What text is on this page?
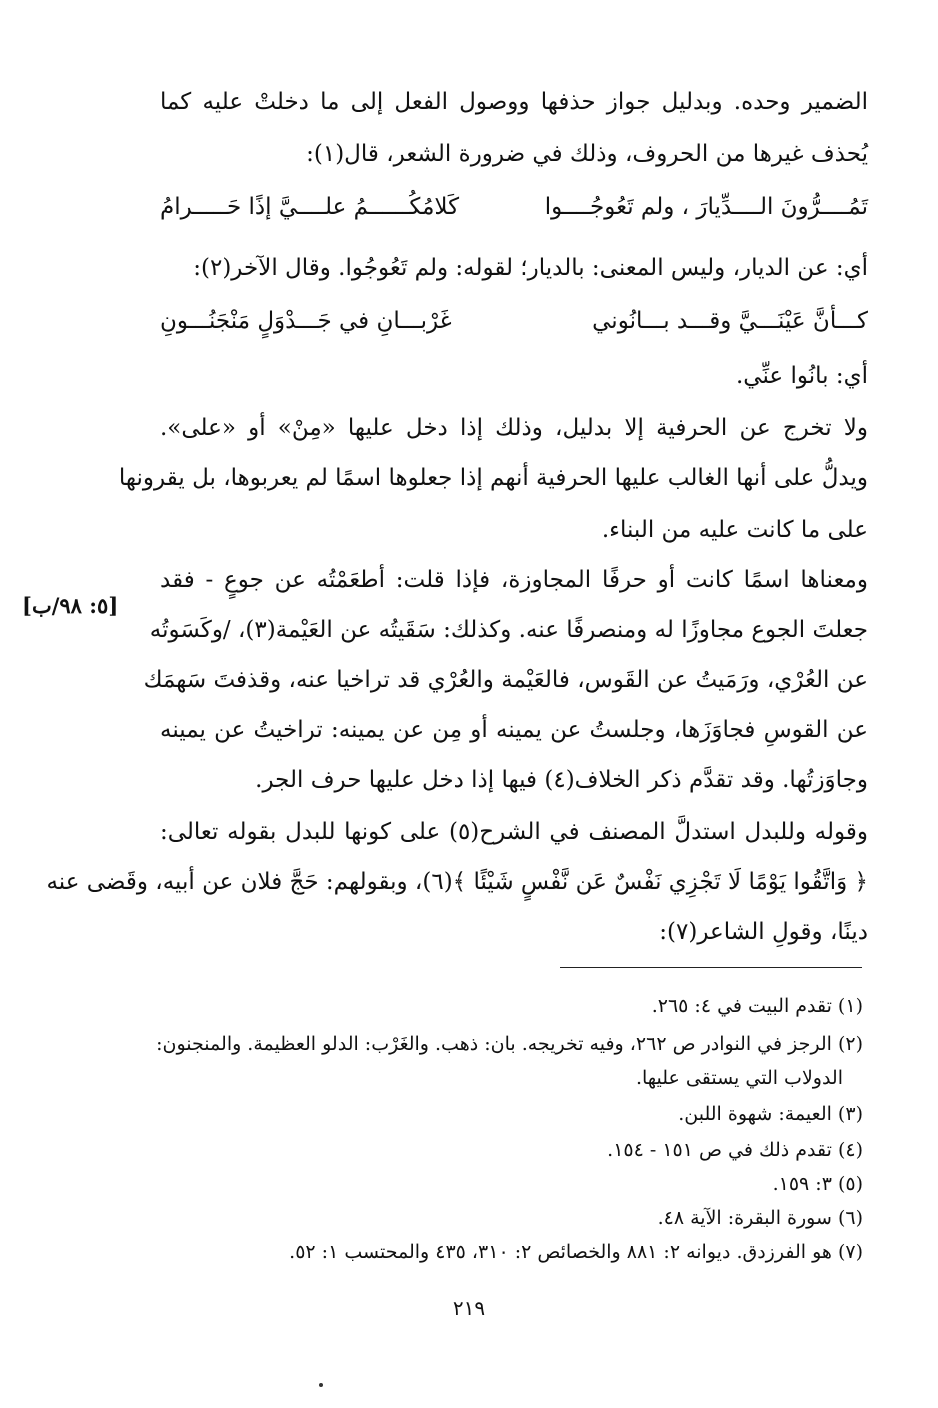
الضمير وحده. وبدليل جواز حذفها ووصول الفعل إلى ما دخلتْ عليه كما
يُحذف غيرها من الحروف، وذلك في ضرورة الشعر، قال(١):
تَمُــــرُّونَ الــــدِّيارَ ، ولم تَعُوجُــــوا
كَلامُكُــــــمُ علــــيَّ إذًا حَـــــرامُ
أي: عن الديار، وليس المعنى: بالديار؛ لقوله: ولم تَعُوجُوا. وقال الآخر(٢):
كـــأنَّ عَيْنَـــيَّ وقـــد بـــانُوني
غَرْبـــانِ في جَـــدْوَلٍ مَنْجَنُـــونِ
أي: بانُوا عنِّي.
ولا تخرج عن الحرفية إلا بدليل، وذلك إذا دخل عليها «مِنْ» أو «على».
ويدلُّ على أنها الغالب عليها الحرفية أنهم إذا جعلوها اسمًا لم يعربوها، بل يقرونها
على ما كانت عليه من البناء.
ومعناها اسمًا كانت أو حرفًا المجاوزة، فإذا قلت: أطعَمْتُه عن جوعٍ - فقد
جعلتَ الجوع مجاوزًا له ومنصرفًا عنه. وكذلك: سَقَيتُه عن العَيْمة(٣)، /وكَسَوتُه
عن العُرْي، ورَمَيتُ عن القَوس، فالعَيْمة والعُرْي قد تراخيا عنه، وقذفتَ سَهمَك
عن القوسِ فجاوَزَها، وجلستُ عن يمينه أو مِن عن يمينه: تراخيتُ عن يمينه
وجاوَزتُها. وقد تقدَّم ذكر الخلاف(٤) فيها إذا دخل عليها حرف الجر.
وقوله وللبدل استدلَّ المصنف في الشرح(٥) على كونها للبدل بقوله تعالى:
﴿ وَاتَّقُوا يَوْمًا لَا تَجْزِي نَفْسٌ عَن نَّفْسٍ شَيْئًا ﴾(٦)، وبقولهم: حَجَّ فلان عن أبيه، وقَضى عنه
دينًا، وقولِ الشاعر(٧):
[٥: ٩٨/ب]
(١) تقدم البيت في ٤: ٢٦٥.
(٢) الرجز في النوادر ص ٢٦٢، وفيه تخريجه. بان: ذهب. والغَرْب: الدلو العظيمة. والمنجنون:
الدولاب التي يستقى عليها.
(٣) العيمة: شهوة اللبن.
(٤) تقدم ذلك في ص ١٥١ - ١٥٤.
(٥) ٣: ١٥٩.
(٦) سورة البقرة: الآية ٤٨.
(٧) هو الفرزدق. ديوانه ٢: ٨٨١ والخصائص ٢: ٣١٠، ٤٣٥ والمحتسب ١: ٥٢.
٢١٩
